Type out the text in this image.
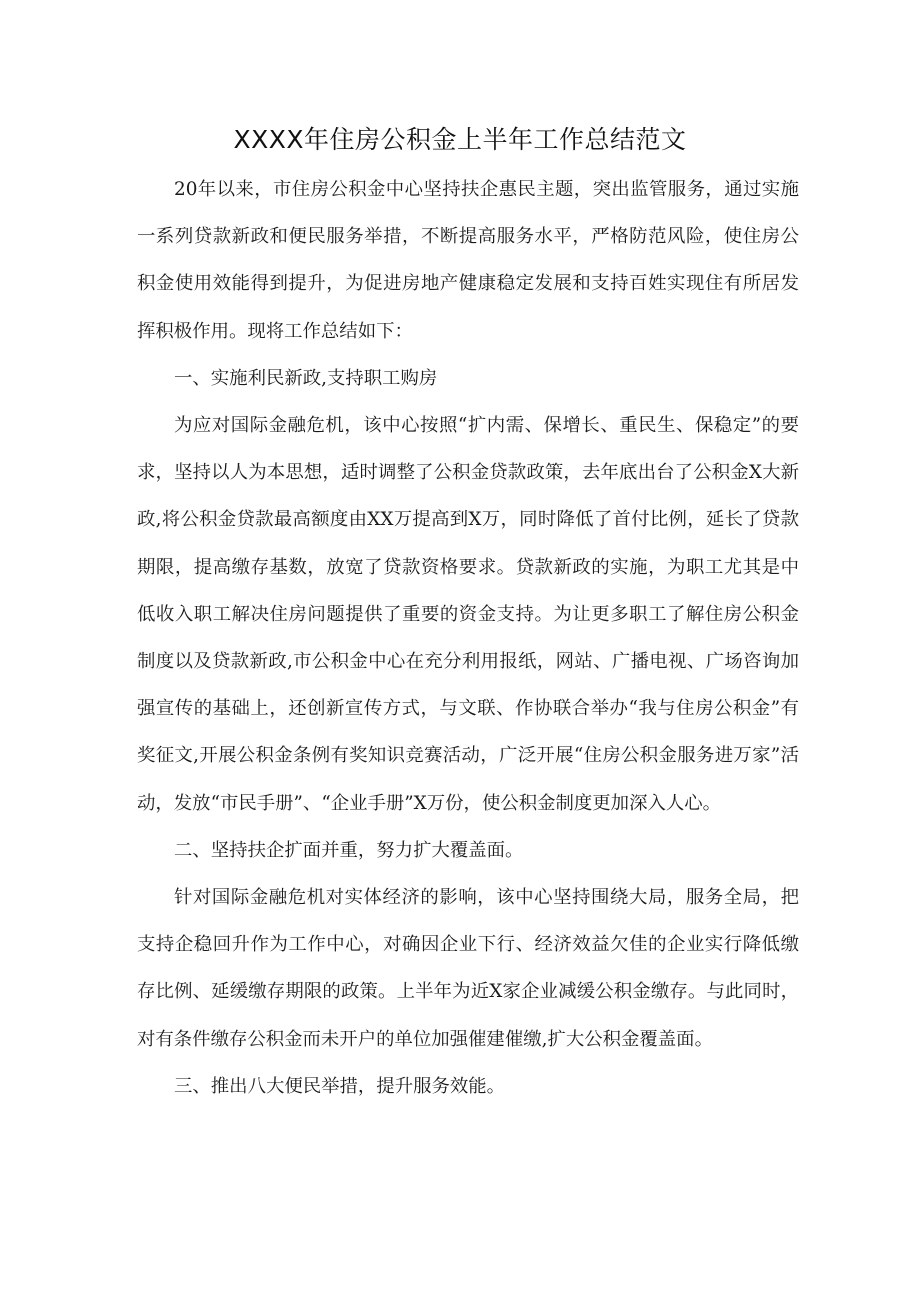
XXXX年住房公积金上半年工作总结范文

20年以来，市住房公积金中心坚持扶企惠民主题，突出监管服务，通过实施一系列贷款新政和便民服务举措，不断提高服务水平，严格防范风险，使住房公积金使用效能得到提升，为促进房地产健康稳定发展和支持百姓实现住有所居发挥积极作用。现将工作总结如下：

一、实施利民新政,支持职工购房

为应对国际金融危机，该中心按照“扩内需、保增长、重民生、保稳定”的要求，坚持以人为本思想，适时调整了公积金贷款政策，去年底出台了公积金X大新政,将公积金贷款最高额度由XX万提高到X万，同时降低了首付比例，延长了贷款期限，提高缴存基数，放宽了贷款资格要求。贷款新政的实施，为职工尤其是中低收入职工解决住房问题提供了重要的资金支持。为让更多职工了解住房公积金制度以及贷款新政,市公积金中心在充分利用报纸，网站、广播电视、广场咨询加强宣传的基础上，还创新宣传方式，与文联、作协联合举办“我与住房公积金”有奖征文,开展公积金条例有奖知识竞赛活动，广泛开展“住房公积金服务进万家”活动，发放“市民手册”、“企业手册”X万份，使公积金制度更加深入人心。

二、坚持扶企扩面并重，努力扩大覆盖面。

针对国际金融危机对实体经济的影响，该中心坚持围绕大局，服务全局，把支持企稳回升作为工作中心，对确因企业下行、经济效益欠佳的企业实行降低缴存比例、延缓缴存期限的政策。上半年为近X家企业减缓公积金缴存。与此同时，对有条件缴存公积金而未开户的单位加强催建催缴,扩大公积金覆盖面。

三、推出八大便民举措，提升服务效能。
